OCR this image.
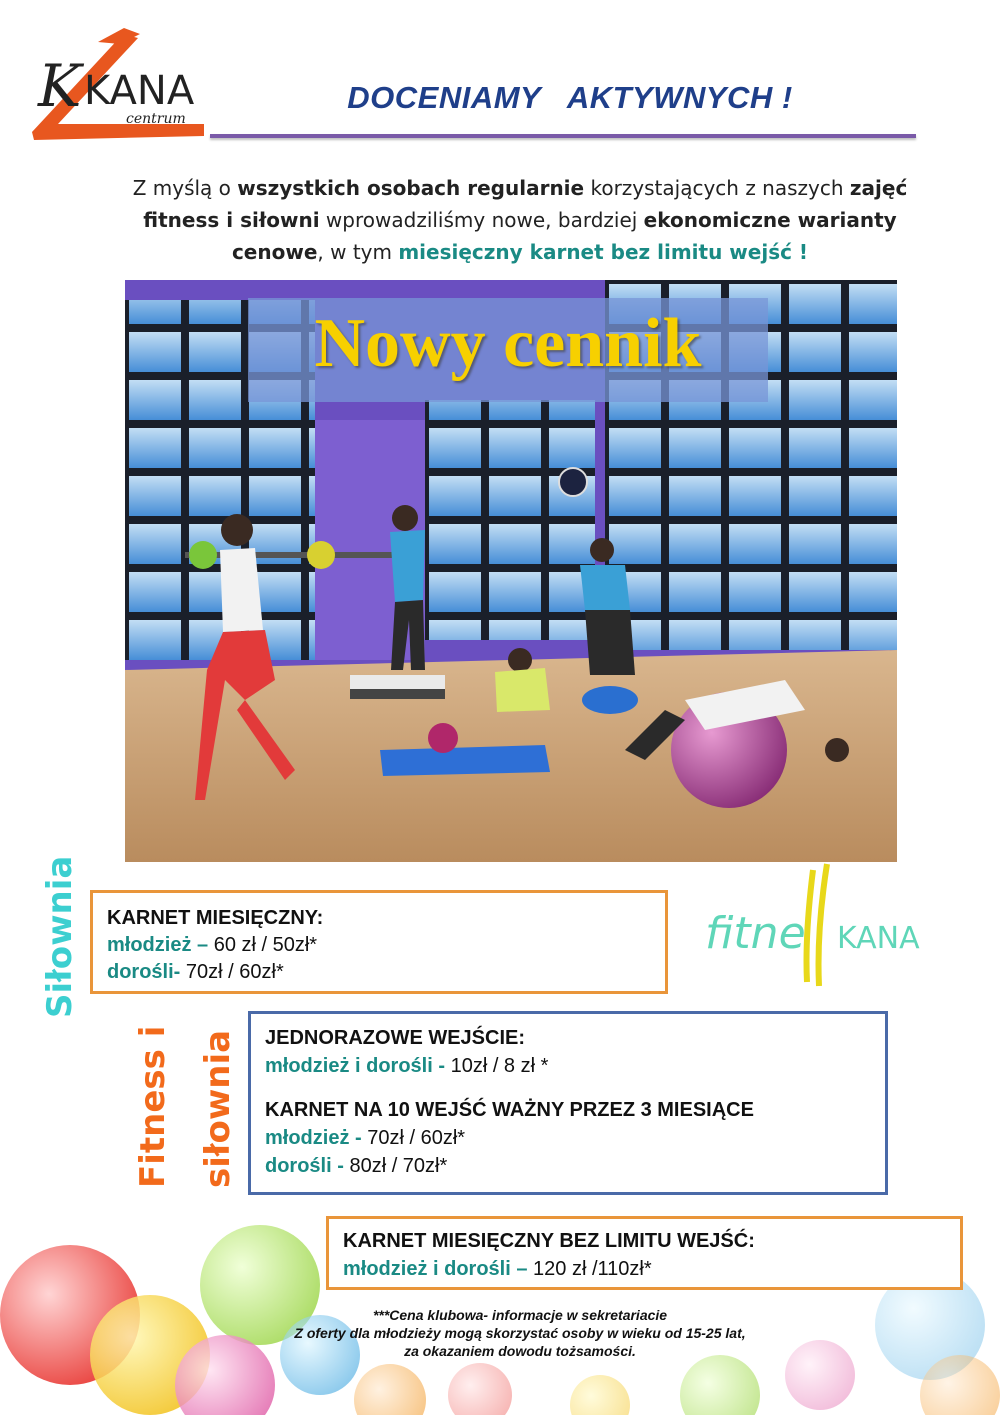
K KANA
centrum
DOCENIAMY   AKTYWNYCH !
Z myślą o wszystkich osobach regularnie korzystających z naszych zajęć fitness i siłowni wprowadziliśmy nowe, bardziej ekonomiczne warianty cenowe, w tym miesięczny karnet bez limitu wejść !
Nowy cennik
Siłownia
Fitness i siłownia
KARNET MIESIĘCZNY:
młodzież – 60 zł / 50zł*
dorośli- 70zł / 60zł*
fitne KANA
JEDNORAZOWE WEJŚCIE:
młodzież i dorośli - 10zł / 8 zł *
KARNET NA 10 WEJŚĆ WAŻNY PRZEZ 3 MIESIĄCE
młodzież - 70zł / 60zł*
dorośli - 80zł / 70zł*
KARNET MIESIĘCZNY BEZ LIMITU WEJŚĆ:
młodzież i dorośli – 120 zł /110zł*
***Cena klubowa- informacje w sekretariacie
Z oferty dla młodzieży mogą skorzystać osoby w wieku od 15-25 lat,
za okazaniem dowodu tożsamości.
